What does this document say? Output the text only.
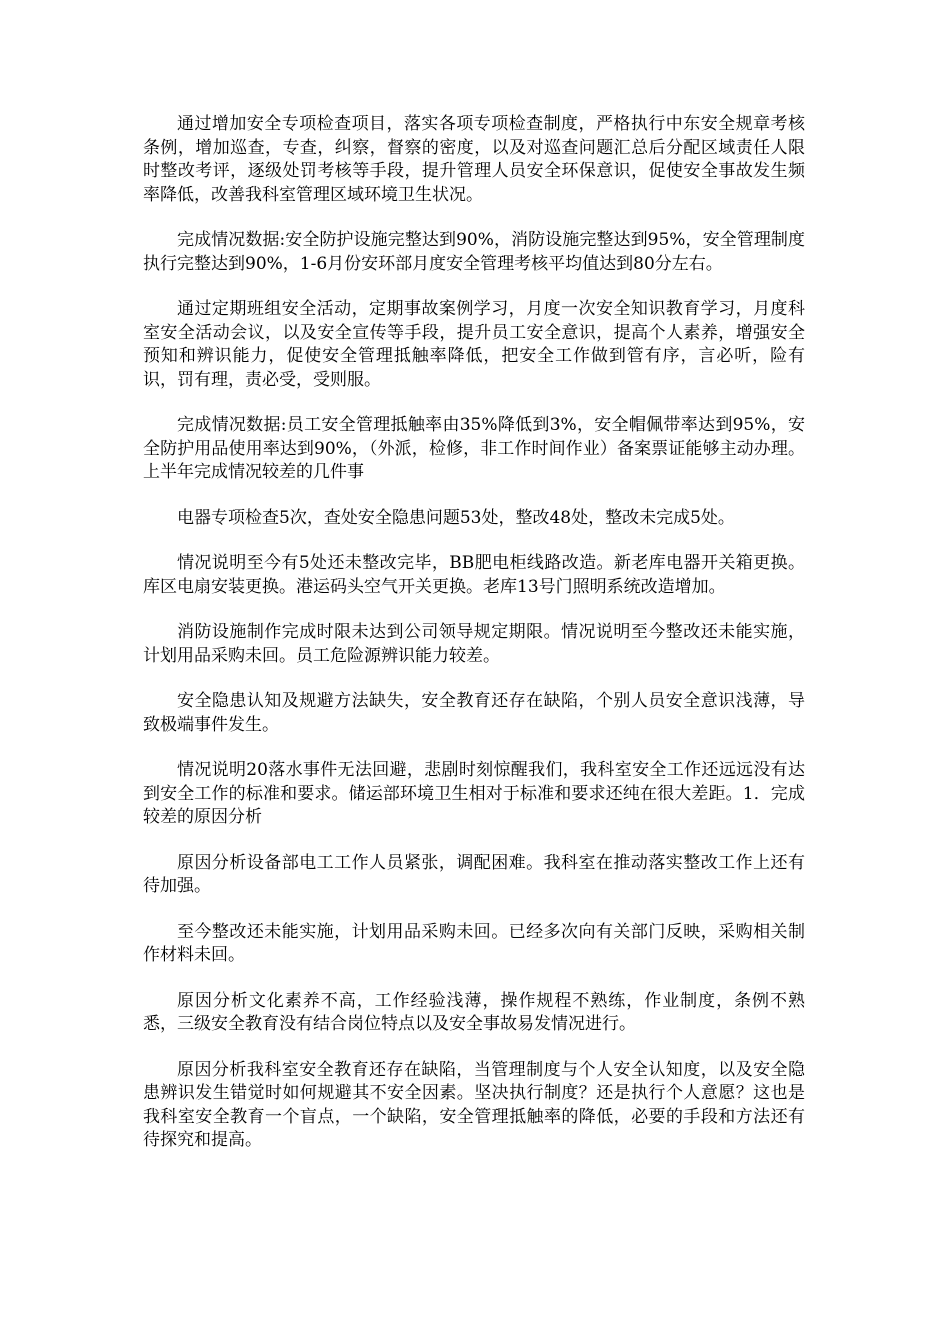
通过增加安全专项检查项目，落实各项专项检查制度，严格执行中东安全规章考核条例，增加巡查，专查，纠察，督察的密度，以及对巡查问题汇总后分配区域责任人限时整改考评，逐级处罚考核等手段，提升管理人员安全环保意识，促使安全事故发生频率降低，改善我科室管理区域环境卫生状况。

完成情况数据:安全防护设施完整达到90%，消防设施完整达到95%，安全管理制度执行完整达到90%，1-6月份安环部月度安全管理考核平均值达到80分左右。

通过定期班组安全活动，定期事故案例学习，月度一次安全知识教育学习，月度科室安全活动会议，以及安全宣传等手段，提升员工安全意识，提高个人素养，增强安全预知和辨识能力，促使安全管理抵触率降低，把安全工作做到管有序，言必听，险有识，罚有理，责必受，受则服。

完成情况数据:员工安全管理抵触率由35%降低到3%，安全帽佩带率达到95%，安全防护用品使用率达到90%，（外派，检修，非工作时间作业）备案票证能够主动办理。上半年完成情况较差的几件事

电器专项检查5次，查处安全隐患问题53处，整改48处，整改未完成5处。

情况说明至今有5处还未整改完毕，BB肥电柜线路改造。新老库电器开关箱更换。库区电扇安装更换。港运码头空气开关更换。老库13号门照明系统改造增加。

消防设施制作完成时限未达到公司领导规定期限。情况说明至今整改还未能实施，计划用品采购未回。员工危险源辨识能力较差。

安全隐患认知及规避方法缺失，安全教育还存在缺陷，个别人员安全意识浅薄，导致极端事件发生。

情况说明20落水事件无法回避，悲剧时刻惊醒我们，我科室安全工作还远远没有达到安全工作的标准和要求。储运部环境卫生相对于标准和要求还纯在很大差距。1．完成较差的原因分析

原因分析设备部电工工作人员紧张，调配困难。我科室在推动落实整改工作上还有待加强。

至今整改还未能实施，计划用品采购未回。已经多次向有关部门反映，采购相关制作材料未回。

原因分析文化素养不高，工作经验浅薄，操作规程不熟练，作业制度，条例不熟悉，三级安全教育没有结合岗位特点以及安全事故易发情况进行。

原因分析我科室安全教育还存在缺陷，当管理制度与个人安全认知度，以及安全隐患辨识发生错觉时如何规避其不安全因素。坚决执行制度？还是执行个人意愿？这也是我科室安全教育一个盲点，一个缺陷，安全管理抵触率的降低，必要的手段和方法还有待探究和提高。
